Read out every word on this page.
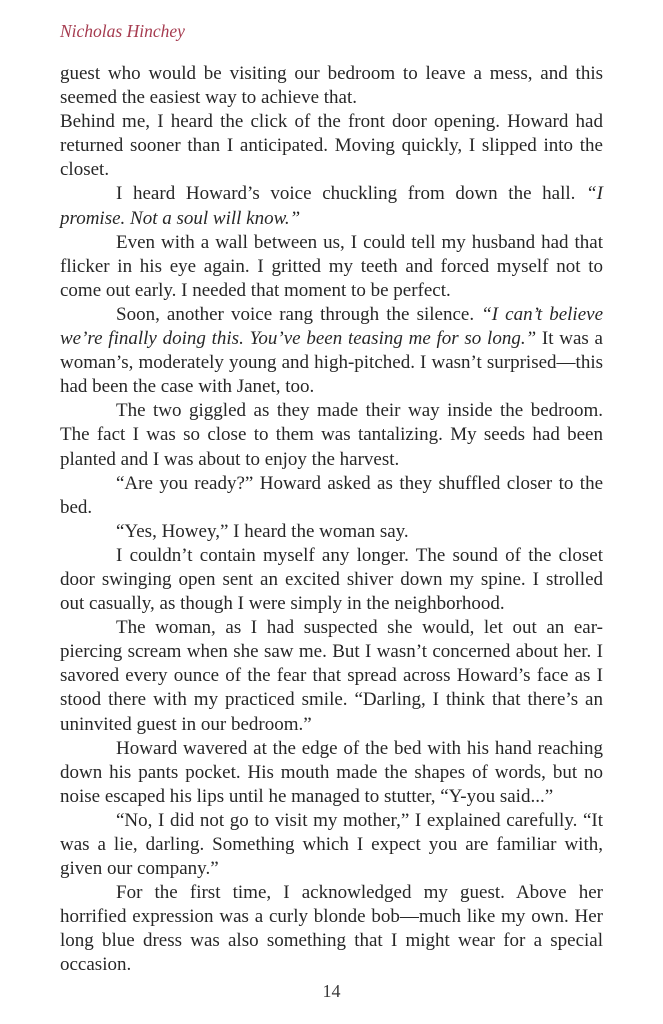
Nicholas Hinchey

guest who would be visiting our bedroom to leave a mess, and this seemed the easiest way to achieve that.

Behind me, I heard the click of the front door opening. Howard had returned sooner than I anticipated. Moving quickly, I slipped into the closet.

I heard Howard’s voice chuckling from down the hall. “I promise. Not a soul will know.”

Even with a wall between us, I could tell my husband had that flicker in his eye again. I gritted my teeth and forced myself not to come out early. I needed that moment to be perfect.

Soon, another voice rang through the silence. “I can’t believe we’re finally doing this. You’ve been teasing me for so long.” It was a woman’s, moderately young and high-pitched. I wasn’t surprised—this had been the case with Janet, too.

The two giggled as they made their way inside the bedroom. The fact I was so close to them was tantalizing. My seeds had been planted and I was about to enjoy the harvest.

“Are you ready?” Howard asked as they shuffled closer to the bed.

“Yes, Howey,” I heard the woman say.

I couldn’t contain myself any longer. The sound of the closet door swinging open sent an excited shiver down my spine. I strolled out casually, as though I were simply in the neighborhood.

The woman, as I had suspected she would, let out an ear-piercing scream when she saw me. But I wasn’t concerned about her. I savored every ounce of the fear that spread across Howard’s face as I stood there with my practiced smile. “Darling, I think that there’s an uninvited guest in our bedroom.”

Howard wavered at the edge of the bed with his hand reaching down his pants pocket. His mouth made the shapes of words, but no noise escaped his lips until he managed to stutter, “Y-you said...”

“No, I did not go to visit my mother,” I explained carefully. “It was a lie, darling. Something which I expect you are familiar with, given our company.”

For the first time, I acknowledged my guest. Above her horrified expression was a curly blonde bob—much like my own. Her long blue dress was also something that I might wear for a special occasion.

14
